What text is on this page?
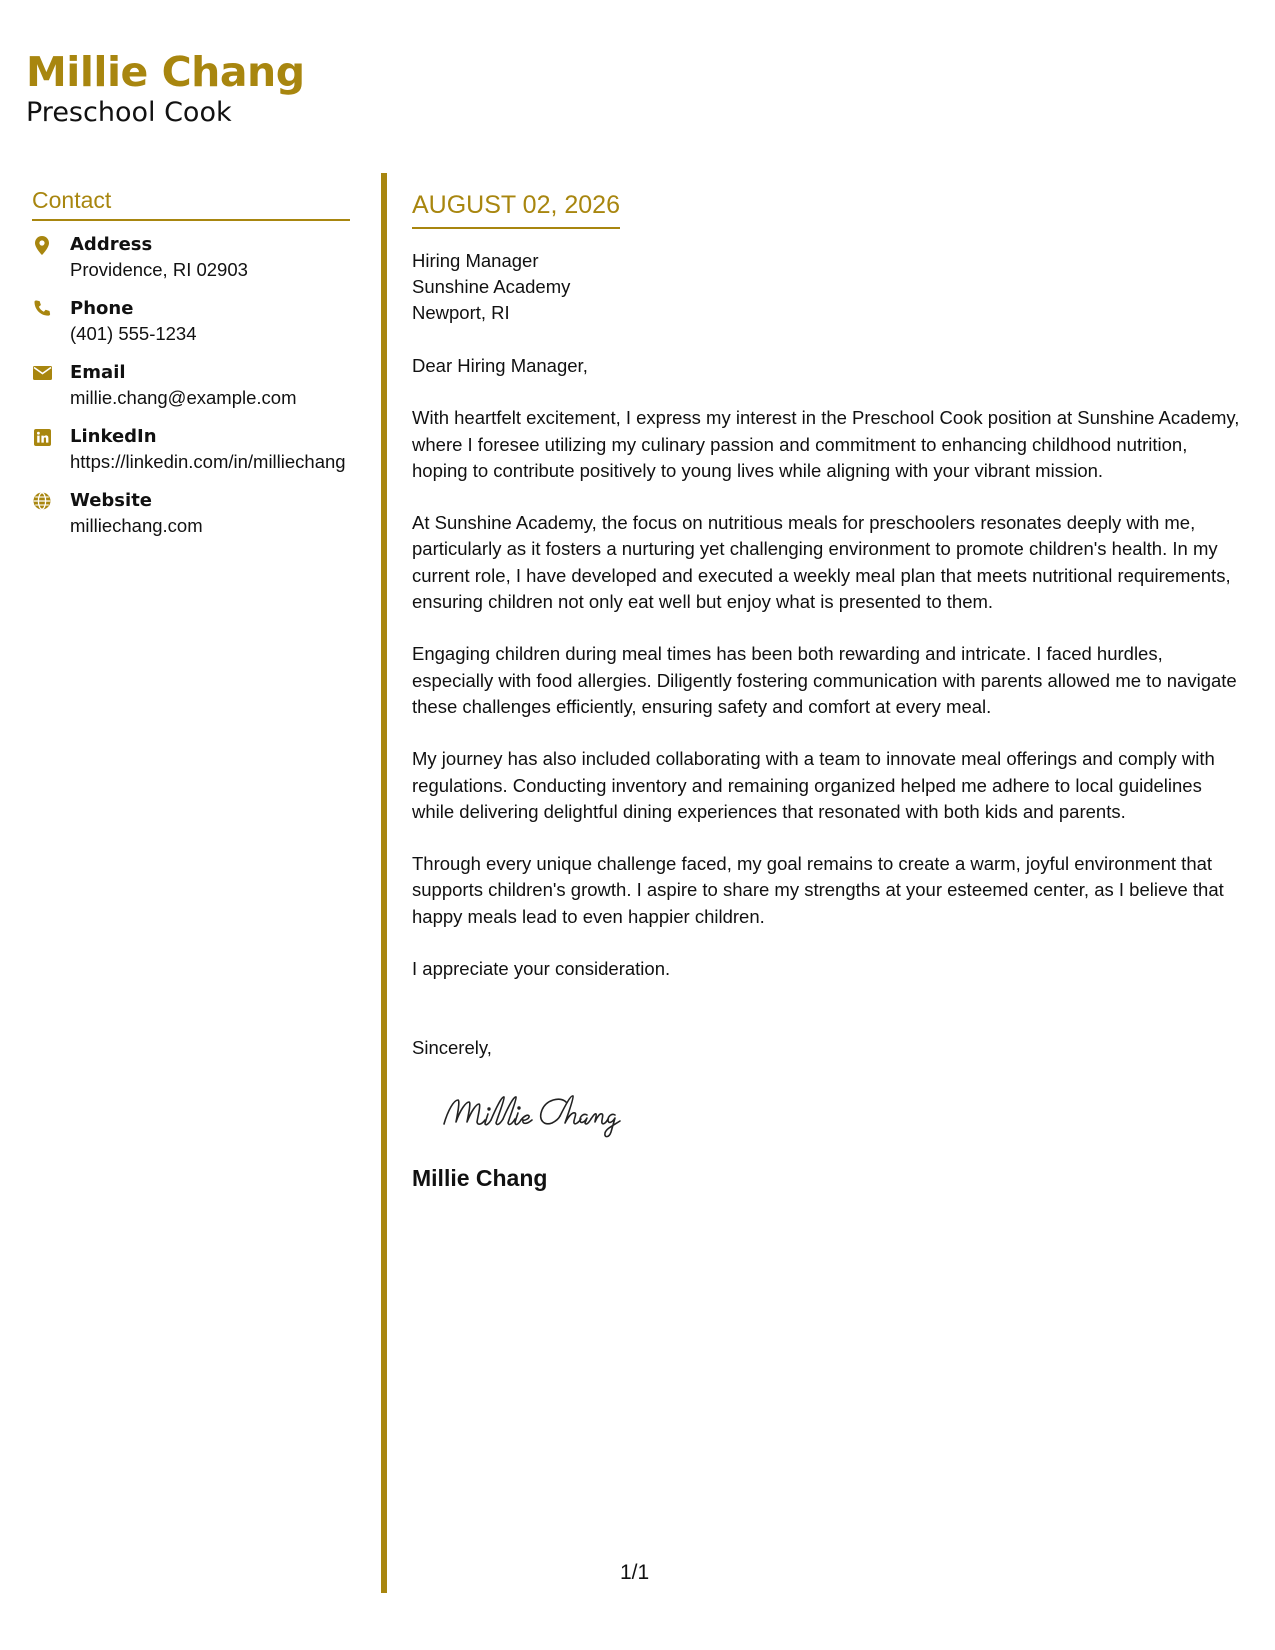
Millie Chang
Preschool Cook
Contact
Address
Providence, RI 02903
Phone
(401) 555-1234
Email
millie.chang@example.com
LinkedIn
https://linkedin.com/in/milliechang
Website
milliechang.com
AUGUST 02, 2026
Hiring Manager
Sunshine Academy
Newport, RI
Dear Hiring Manager,
With heartfelt excitement, I express my interest in the Preschool Cook position at Sunshine Academy, where I foresee utilizing my culinary passion and commitment to enhancing childhood nutrition, hoping to contribute positively to young lives while aligning with your vibrant mission.
At Sunshine Academy, the focus on nutritious meals for preschoolers resonates deeply with me, particularly as it fosters a nurturing yet challenging environment to promote children's health. In my current role, I have developed and executed a weekly meal plan that meets nutritional requirements, ensuring children not only eat well but enjoy what is presented to them.
Engaging children during meal times has been both rewarding and intricate. I faced hurdles, especially with food allergies. Diligently fostering communication with parents allowed me to navigate these challenges efficiently, ensuring safety and comfort at every meal.
My journey has also included collaborating with a team to innovate meal offerings and comply with regulations. Conducting inventory and remaining organized helped me adhere to local guidelines while delivering delightful dining experiences that resonated with both kids and parents.
Through every unique challenge faced, my goal remains to create a warm, joyful environment that supports children's growth. I aspire to share my strengths at your esteemed center, as I believe that happy meals lead to even happier children.
I appreciate your consideration.
Sincerely,
Millie Chang
1/1
